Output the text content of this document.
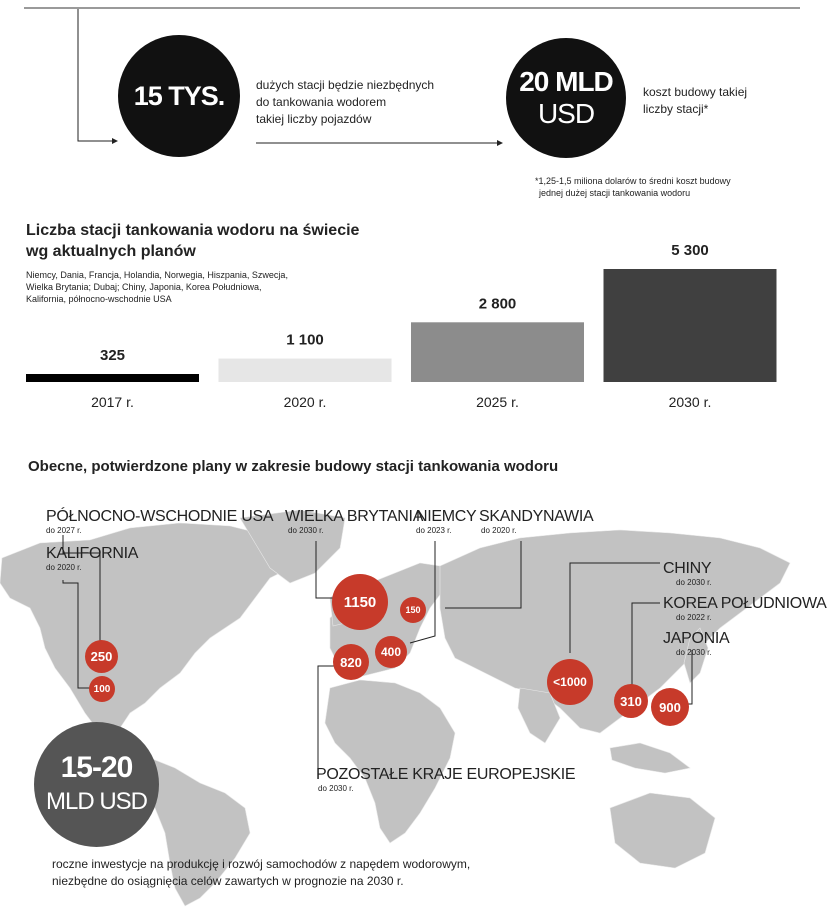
15 TYS.	dużych stacji będzie niezbędnych
do tankowania wodorem
takiej liczby pojazdów
20 MLD
USD
koszt budowy takiej
liczby stacji*
*1,25-1,5 miliona dolarów to średni koszt budowy
jednej dużej stacji tankowania wodoru
Liczba stacji tankowania wodoru na świecie
wg aktualnych planów
Niemcy, Dania, Francja, Holandia, Norwegia, Hiszpania, Szwecja,
Wielka Brytania; Dubaj; Chiny, Japonia, Korea Południowa,
Kalifornia, północno-wschodnie USA
325
2017 r.
1 100
2020 r.
2 800
2025 r.
5 300
2030 r.
Obecne, potwierdzone plany w zakresie budowy stacji tankowania wodoru
PÓŁNOCNO-WSCHODNIE USA
do 2027 r.
KALIFORNIA
do 2020 r.
WIELKA BRYTANIA
do 2030 r.
NIEMCY
do 2023 r.
SKANDYNAWIA
do 2020 r.
CHINY
do 2030 r.
KOREA POŁUDNIOWA
do 2022 r.
JAPONIA
do 2030 r.
POZOSTAŁE KRAJE EUROPEJSKIE
do 2030 r.
250
100
1150	150
820
400
<1000
310	900
15-20
MLD USD
roczne inwestycje na produkcję i rozwój samochodów z napędem wodorowym,
niezbędne do osiągnięcia celów zawartych w prognozie na 2030 r.
